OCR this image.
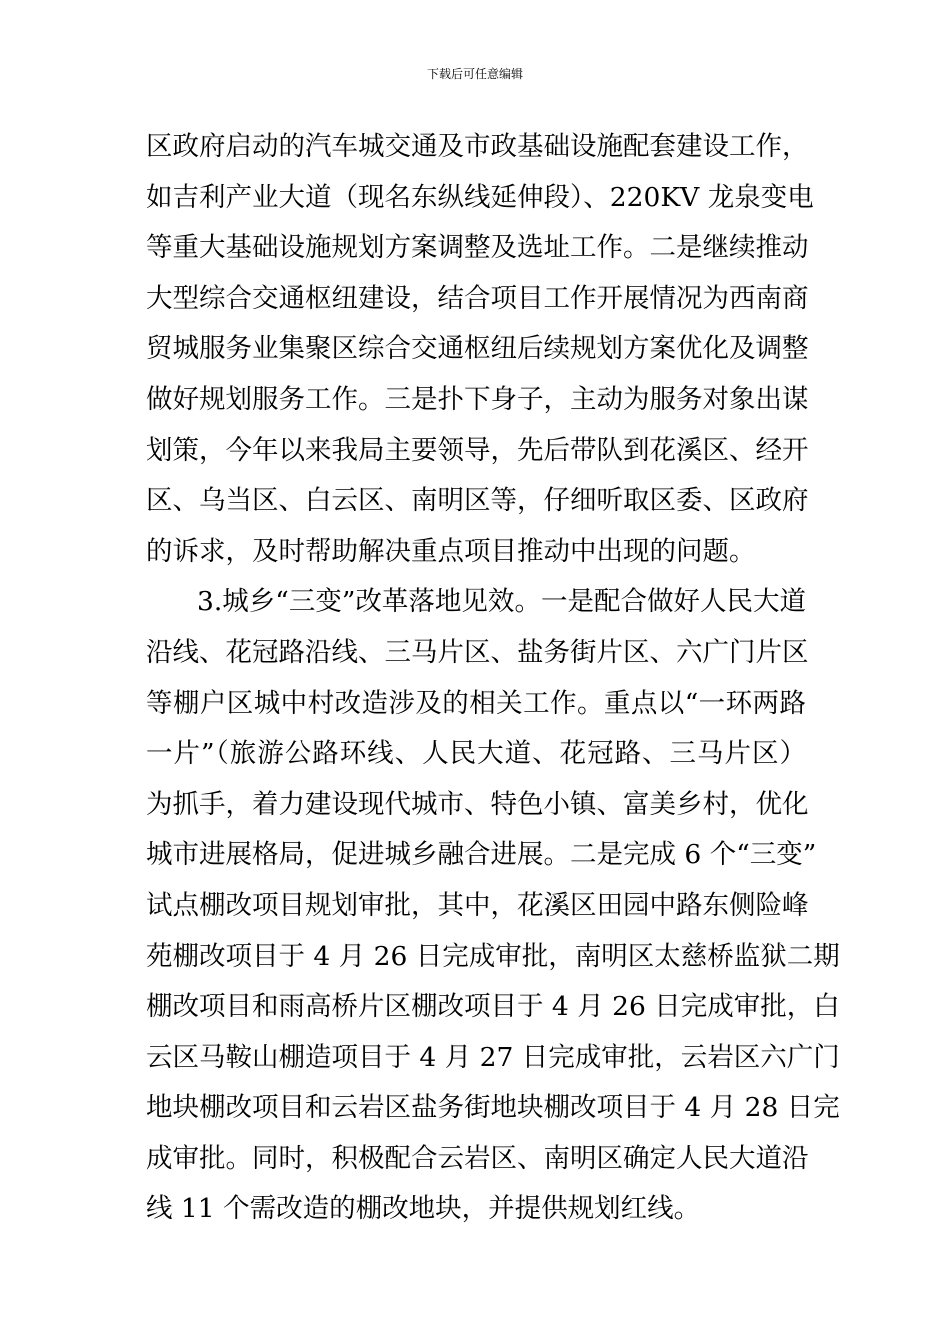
下载后可任意编辑
区政府启动的汽车城交通及市政基础设施配套建设工作，
如吉利产业大道（现名东纵线延伸段）、220KV 龙泉变电
等重大基础设施规划方案调整及选址工作。二是继续推动
大型综合交通枢纽建设，结合项目工作开展情况为西南商
贸城服务业集聚区综合交通枢纽后续规划方案优化及调整
做好规划服务工作。三是扑下身子，主动为服务对象出谋
划策，今年以来我局主要领导，先后带队到花溪区、经开
区、乌当区、白云区、南明区等，仔细听取区委、区政府
的诉求，及时帮助解决重点项目推动中出现的问题。
3.城乡“三变”改革落地见效。一是配合做好人民大道
沿线、花冠路沿线、三马片区、盐务街片区、六广门片区
等棚户区城中村改造涉及的相关工作。重点以“一环两路
一片”（旅游公路环线、人民大道、花冠路、三马片区）
为抓手，着力建设现代城市、特色小镇、富美乡村，优化
城市进展格局，促进城乡融合进展。二是完成 6 个“三变”
试点棚改项目规划审批，其中，花溪区田园中路东侧险峰
苑棚改项目于 4 月 26 日完成审批，南明区太慈桥监狱二期
棚改项目和雨高桥片区棚改项目于 4 月 26 日完成审批，白
云区马鞍山棚造项目于 4 月 27 日完成审批，云岩区六广门
地块棚改项目和云岩区盐务街地块棚改项目于 4 月 28 日完
成审批。同时，积极配合云岩区、南明区确定人民大道沿
线 11 个需改造的棚改地块，并提供规划红线。
